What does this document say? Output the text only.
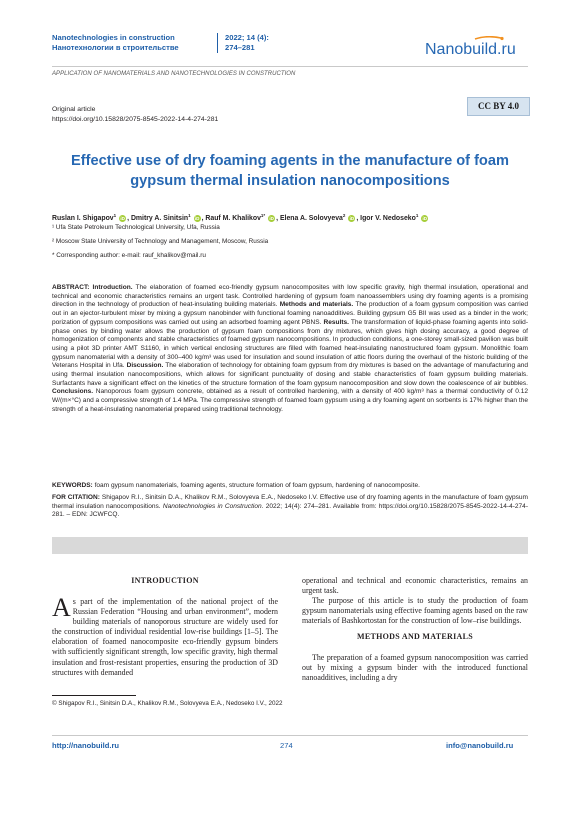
Nanotechnologies in construction
Нанотехнологии в строительстве
2022; 14 (4):
274–281	Nanobuild.ru
APPLICATION OF NANOMATERIALS AND NANOTECHNOLOGIES IN CONSTRUCTION
CC BY 4.0
Original article
https://doi.org/10.15828/2075-8545-2022-14-4-274-281
Effective use of dry foaming agents in the manufacture of foam gypsum thermal insulation nanocompositions
Ruslan I. Shigapov$^1$ iD , Dmitry A. Sinitsin$^1$ iD , Rauf M. Khalikov$^{1*}$ iD , Elena A. Solovyeva$^2$ iD , Igor V. Nedoseko$^1$ iD
¹ Ufa State Petroleum Technological University, Ufa, Russia
² Moscow State University of Technology and Management, Moscow, Russia
* Corresponding author: e-mail: rauf_khalikov@mail.ru
ABSTRACT: Introduction. The elaboration of foamed eco-friendly gypsum nanocomposites with low specific gravity, high thermal insulation, operational and technical and economic characteristics remains an urgent task. Controlled hardening of gypsum foam nanoassemblers using dry foaming agents is a promising direction in the technology of production of heat-insulating building materials. Methods and materials. The production of a foam gypsum composition was carried out in an ejector-turbulent mixer by mixing a gypsum nanobinder with functional foaming nanoadditives. Building gypsum G5 BII was used as a binder in the work; porization of gypsum compositions was carried out using an adsorbed foaming agent PBNS. Results. The transformation of liquid-phase foaming agents into solid-phase ones by binding water allows the production of gypsum foam compositions from dry mixtures, which gives high dosing accuracy, a good degree of homogenization of components and stable characteristics of foamed gypsum nanocompositions. In production conditions, a one-storey small-sized pavilion was built using a pilot 3D printer AMT S1160, in which vertical enclosing structures are filled with foamed heat-insulating nanostructured foam gypsum. Monolithic foam gypsum nanomaterial with a density of 300–400 kg/m³ was used for insulation and sound insulation of attic floors during the overhaul of the historic building of the Veterans Hospital in Ufa. Discussion. The elaboration of technology for obtaining foam gypsum from dry mixtures is based on the advantage of manufacturing and using thermal insulation nanocompositions, which allows for significant punctuality of dosing and stable characteristics of foam gypsum building materials. Surfactants have a significant effect on the kinetics of the structure formation of the foam gypsum nanocomposition and slow down the coalescence of air bubbles. Conclusions. Nanoporous foam gypsum concrete, obtained as a result of controlled hardening, with a density of 400 kg/m³ has a thermal conductivity of 0.12 W/(m×°C) and a compressive strength of 1.4 MPa. The compressive strength of foamed foam gypsum using a dry foaming agent on sorbents is 17% higher than the strength of a heat-insulating nanomaterial prepared using traditional technology.
KEYWORDS: foam gypsum nanomaterials, foaming agents, structure formation of foam gypsum, hardening of nanocomposite.
FOR CITATION: Shigapov R.I., Sinitsin D.A., Khalikov R.M., Solovyeva E.A., Nedoseko I.V. Effective use of dry foaming agents in the manufacture of foam gypsum thermal insulation nanocompositions. Nanotechnologies in Construction. 2022; 14(4): 274–281. Available from: https://doi.org/10.15828/2075-8545-2022-14-4-274-281. – EDN: JCWFCQ.
INTRODUCTION
As part of the implementation of the national project of the Russian Federation “Housing and urban environment”, modern building materials of nanoporous structure are widely used for the construction of individual residential low-rise buildings [1–5]. The elaboration of foamed nanocomposite eco-friendly gypsum binders with sufficiently significant strength, low specific gravity, high thermal insulation and frost-resistant properties, ensuring the production of 3D structures with demanded

operational and technical and economic characteristics, remains an urgent task.

The purpose of this article is to study the production of foam gypsum nanomaterials using effective foaming agents based on the raw materials of Bashkortostan for the construction of low–rise buildings.

METHODS AND MATERIALS
The preparation of a foamed gypsum nanocomposition was carried out by mixing a gypsum binder with the introduced functional nanoadditives, including a dry
© Shigapov R.I., Sinitsin D.A., Khalikov R.M., Solovyeva E.A., Nedoseko I.V., 2022
http://nanobuild.ru	274	info@nanobuild.ru
